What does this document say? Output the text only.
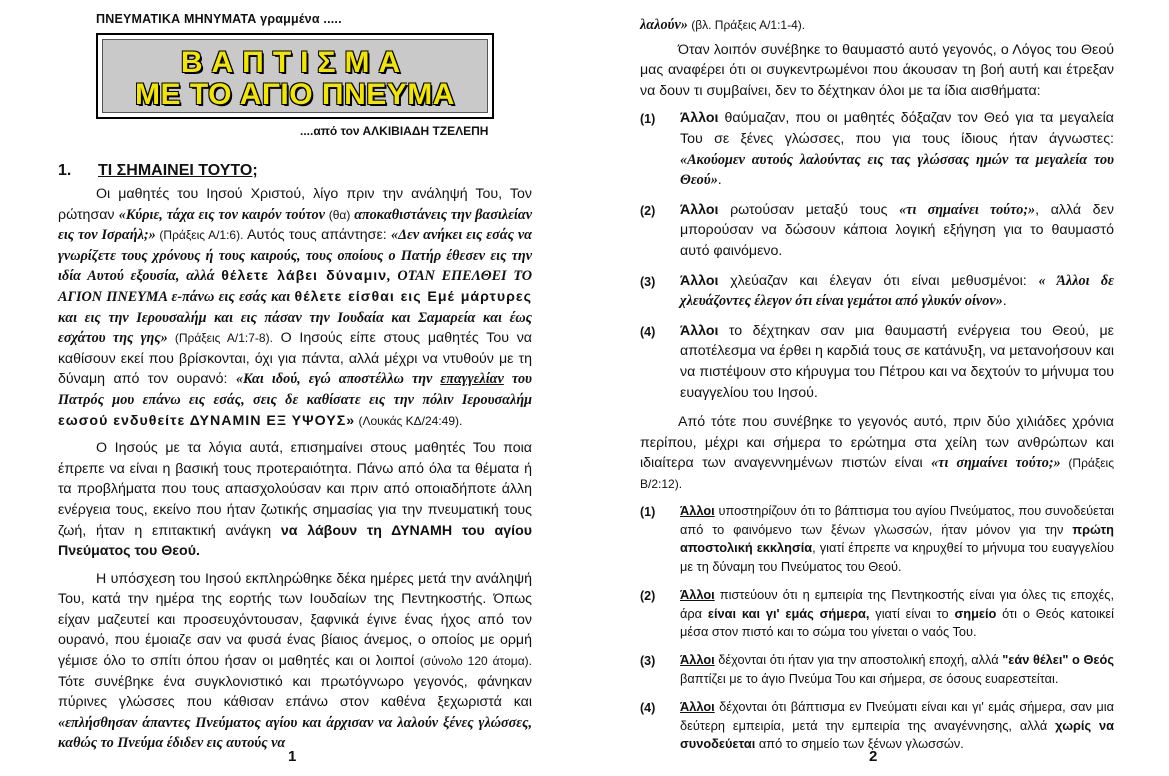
ΠΝΕΥΜΑΤΙΚΑ ΜΗΝΥΜΑΤΑ γραμμένα .....
ΒΑΠΤΙΣΜΑ
ΜΕ ΤΟ ΑΓΙΟ ΠΝΕΥΜΑ
....από τον ΑΛΚΙΒΙΑΔΗ ΤΖΕΛΕΠΗ
1. ΤΙ ΣΗΜΑΙΝΕΙ ΤΟΥΤΟ;

Οι μαθητές του Ιησού Χριστού, λίγο πριν την ανάληψή Του, Τον ρώτησαν «Κύριε, τάχα εις τον καιρόν τούτον (θα) αποκαθιστάνεις την βασιλείαν εις τον Ισραήλ;» (Πράξεις Α/1:6). Αυτός τους απάντησε: «Δεν ανήκει εις εσάς να γνωρίζετε τους χρόνους ή τους καιρούς, τους οποίους ο Πατήρ έθεσεν εις την ιδία Αυτού εξουσία, αλλά θέλετε λάβει δύναμιν, ΟΤΑΝ ΕΠΕΛΘΕΙ ΤΟ ΑΓΙΟΝ ΠΝΕΥΜΑ ε-πάνω εις εσάς και θέλετε είσθαι εις Εμέ μάρτυρες και εις την Ιερουσαλήμ και εις πάσαν την Ιουδαία και Σαμαρεία και έως εσχάτου της γης» (Πράξεις Α/1:7-8). Ο Ιησούς είπε στους μαθητές Του να καθίσουν εκεί που βρίσκονται, όχι για πάντα, αλλά μέχρι να ντυθούν με τη δύναμη από τον ουρανό: «Και ιδού, εγώ αποστέλλω την επαγγελίαν του Πατρός μου επάνω εις εσάς, σεις δε καθίσατε εις την πόλιν Ιερουσαλήμ εωσού ενδυθείτε ΔΥΝΑΜΙΝ ΕΞ ΥΨΟΥΣ» (Λουκάς ΚΔ/24:49).

Ο Ιησούς με τα λόγια αυτά, επισημαίνει στους μαθητές Του ποια έπρεπε να είναι η βασική τους προτεραιότητα. Πάνω από όλα τα θέματα ή τα προβλήματα που τους απασχολούσαν και πριν από οποιαδήποτε άλλη ενέργεια τους, εκείνο που ήταν ζωτικής σημασίας για την πνευματική τους ζωή, ήταν η επιτακτική ανάγκη να λάβουν τη ΔΥΝΑΜΗ του αγίου Πνεύματος του Θεού.

Η υπόσχεση του Ιησού εκπληρώθηκε δέκα ημέρες μετά την ανάληψή Του, κατά την ημέρα της εορτής των Ιουδαίων της Πεντηκοστής. Όπως είχαν μαζευτεί και προσευχόντουσαν, ξαφνικά έγινε ένας ήχος από τον ουρανό, που έμοιαζε σαν να φυσά ένας βίαιος άνεμος, ο οποίος με ορμή γέμισε όλο το σπίτι όπου ήσαν οι μαθητές και οι λοιποί (σύνολο 120 άτομα). Τότε συνέβηκε ένα συγκλονιστικό και πρωτόγνωρο γεγονός, φάνηκαν πύρινες γλώσσες που κάθισαν επάνω στον καθένα ξεχωριστά και «επλήσθησαν άπαντες Πνεύματος αγίου και άρχισαν να λαλούν ξένες γλώσσες, καθώς το Πνεύμα έδιδεν εις αυτούς να

1

λαλούν» (βλ. Πράξεις Α/1:1-4).

Όταν λοιπόν συνέβηκε το θαυμαστό αυτό γεγονός, ο Λόγος του Θεού μας αναφέρει ότι οι συγκεντρωμένοι που άκουσαν τη βοή αυτή και έτρεξαν να δουν τι συμβαίνει, δεν το δέχτηκαν όλοι με τα ίδια αισθήματα:

(1)	Άλλοι θαύμαζαν, που οι μαθητές δόξαζαν τον Θεό για τα μεγαλεία Του σε ξένες γλώσσες, που για τους ίδιους ήταν άγνωστες: «Ακούομεν αυτούς λαλούντας εις τας γλώσσας ημών τα μεγαλεία του Θεού».
(2)	Άλλοι ρωτούσαν μεταξύ τους «τι σημαίνει τούτο;», αλλά δεν μπορούσαν να δώσουν κάποια λογική εξήγηση για το θαυμαστό αυτό φαινόμενο.
(3)	Άλλοι χλεύαζαν και έλεγαν ότι είναι μεθυσμένοι: « Άλλοι δε χλευάζοντες έλεγον ότι είναι γεμάτοι από γλυκύν οίνον».
(4)	Άλλοι το δέχτηκαν σαν μια θαυμαστή ενέργεια του Θεού, με αποτέλεσμα να έρθει η καρδιά τους σε κατάνυξη, να μετανοήσουν και να πιστέψουν στο κήρυγμα του Πέτρου και να δεχτούν το μήνυμα του ευαγγελίου του Ιησού.

Από τότε που συνέβηκε το γεγονός αυτό, πριν δύο χιλιάδες χρόνια περίπου, μέχρι και σήμερα το ερώτημα στα χείλη των ανθρώπων και ιδιαίτερα των αναγεννημένων πιστών είναι «τι σημαίνει τούτο;» (Πράξεις Β/2:12).

(1)	Άλλοι υποστηρίζουν ότι το βάπτισμα του αγίου Πνεύματος, που συνοδεύεται από το φαινόμενο των ξένων γλωσσών, ήταν μόνον για την πρώτη αποστολική εκκλησία, γιατί έπρεπε να κηρυχθεί το μήνυμα του ευαγγελίου με τη δύναμη του Πνεύματος του Θεού.
(2)	Άλλοι πιστεύουν ότι η εμπειρία της Πεντηκοστής είναι για όλες τις εποχές, άρα είναι και γι' εμάς σήμερα, γιατί είναι το σημείο ότι ο Θεός κατοικεί μέσα στον πιστό και το σώμα του γίνεται ο ναός Του.
(3)	Άλλοι δέχονται ότι ήταν για την αποστολική εποχή, αλλά "εάν θέλει" ο Θεός βαπτίζει με το άγιο Πνεύμα Του και σήμερα, σε όσους ευαρεστείται.
(4)	Άλλοι δέχονται ότι βάπτισμα εν Πνεύματι είναι και γι' εμάς σήμερα, σαν μια δεύτερη εμπειρία, μετά την εμπειρία της αναγέννησης, αλλά χωρίς να συνοδεύεται από το σημείο των ξένων γλωσσών.
2
